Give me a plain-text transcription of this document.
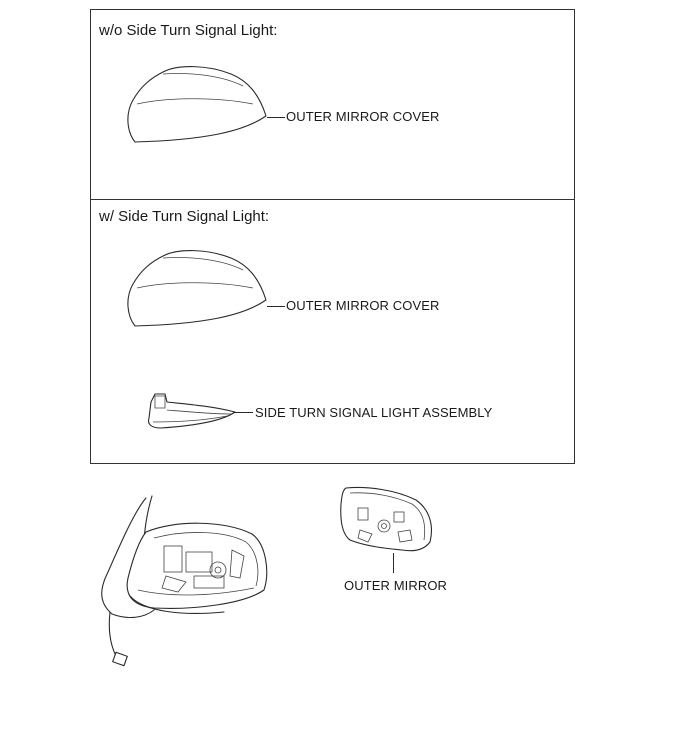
w/o Side Turn Signal Light:
OUTER MIRROR COVER
w/ Side Turn Signal Light:
OUTER MIRROR COVER
SIDE TURN SIGNAL LIGHT ASSEMBLY
OUTER MIRROR
